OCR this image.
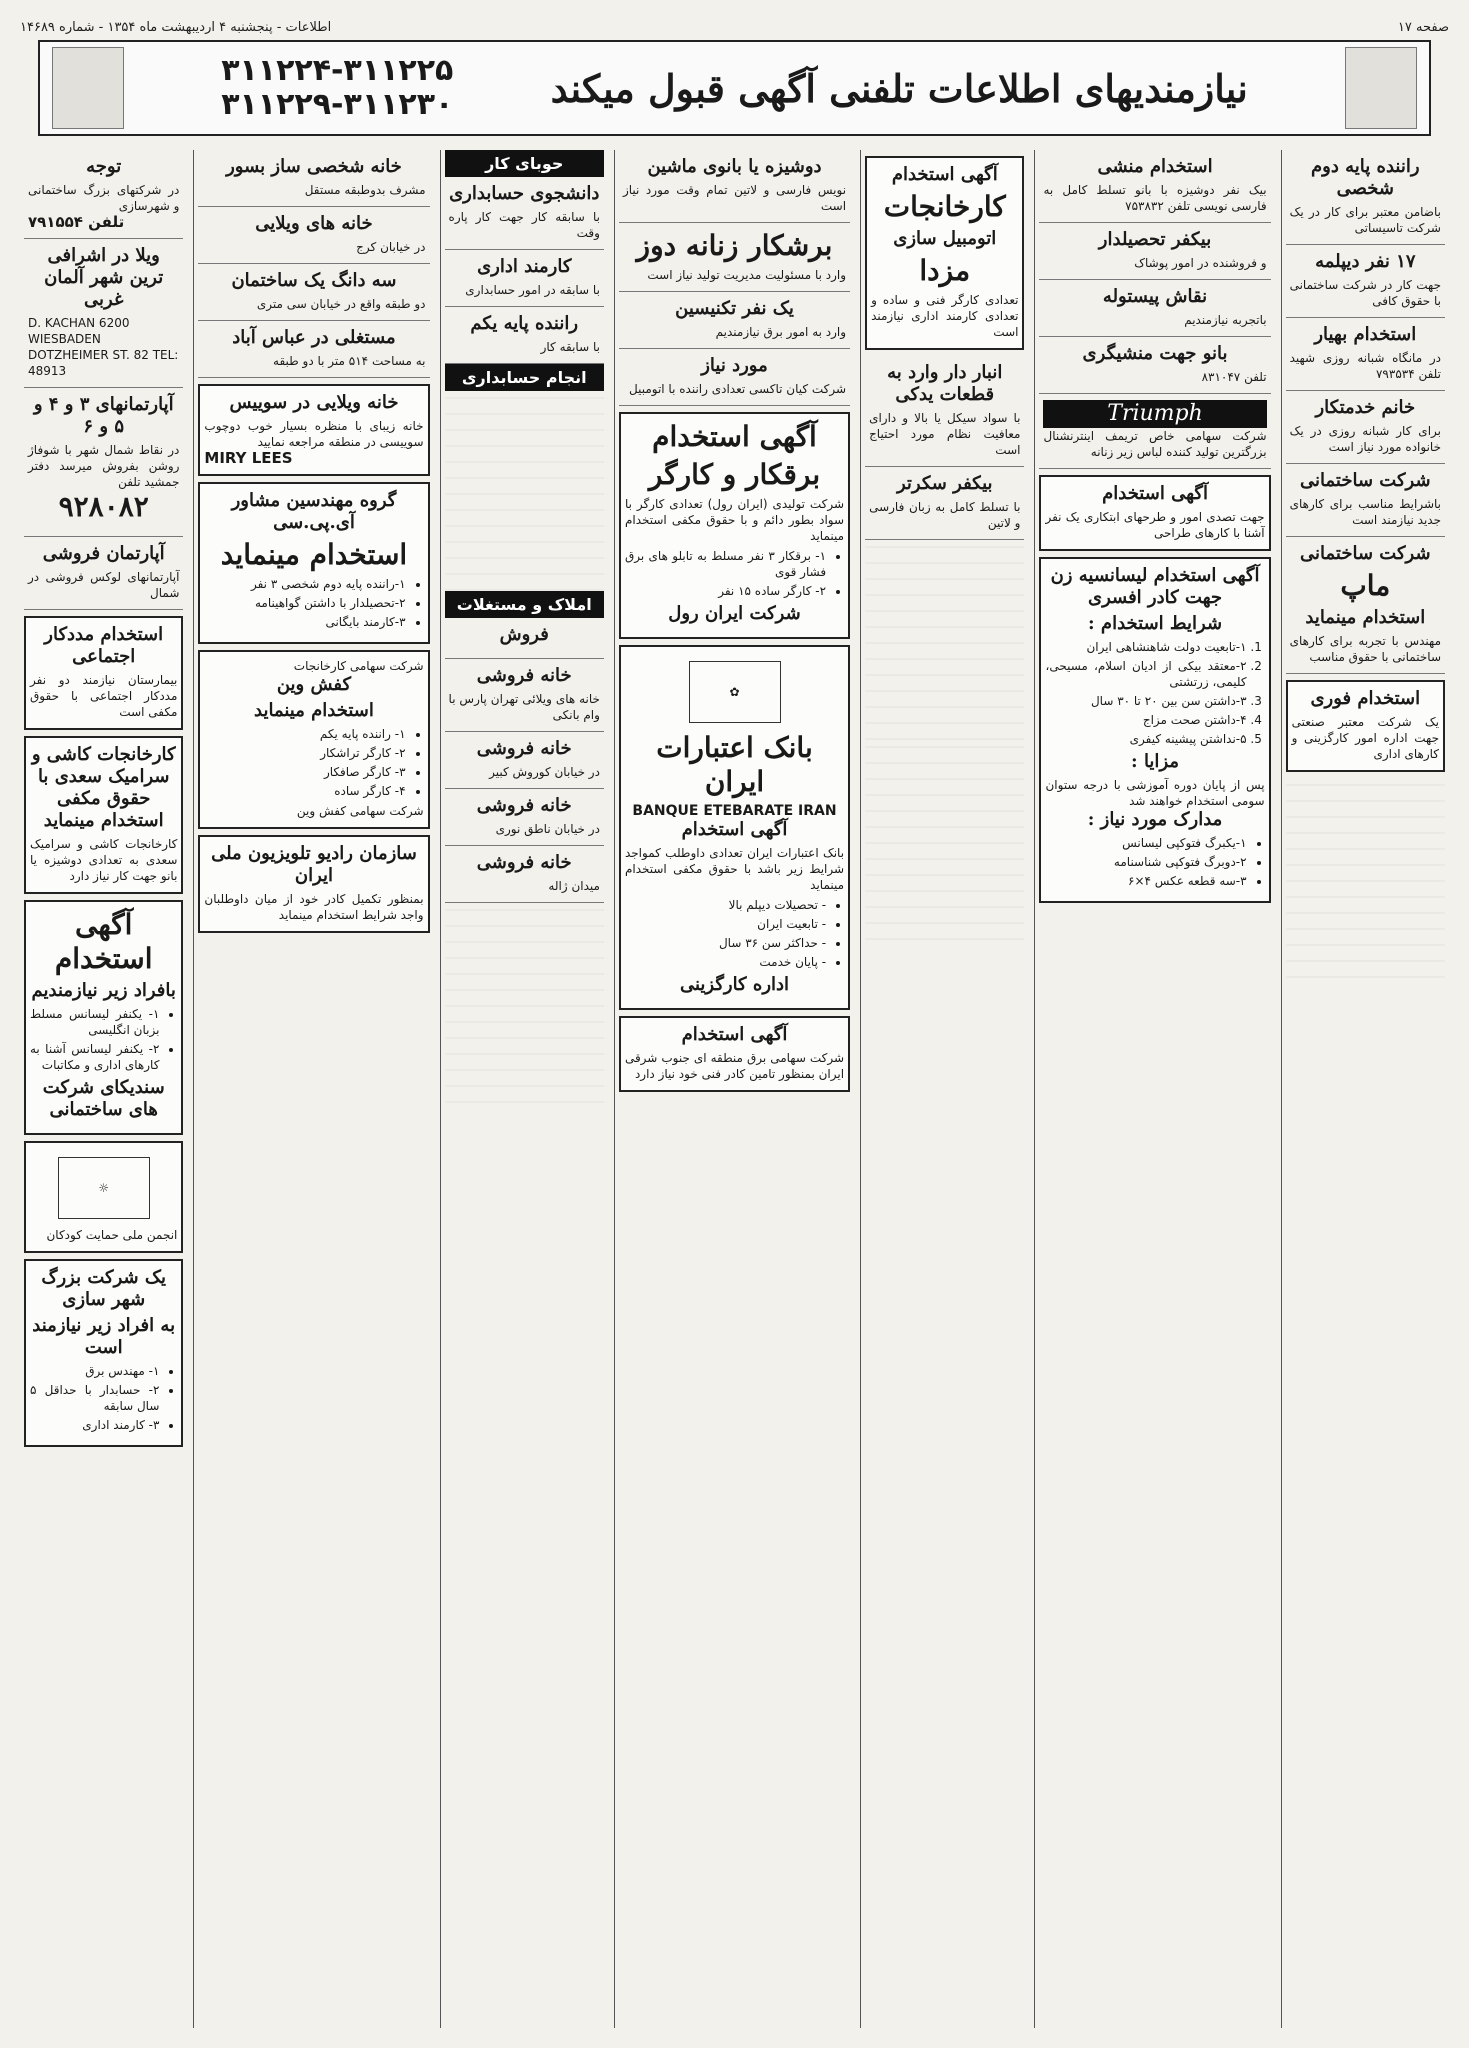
صفحه ۱۷
اطلاعات - پنجشنبه ۴ اردیبهشت ماه ۱۳۵۴ - شماره ۱۴۶۸۹
نیازمندیهای اطلاعات تلفنی آگهی قبول میکند
۳۱۱۲۲۴-۳۱۱۲۲۵
۳۱۱۲۲۹-۳۱۱۲۳۰
راننده پایه دوم شخصی
باضامن معتبر برای کار در یک شرکت تاسیساتی
۱۷ نفر دیپلمه
جهت کار در شرکت ساختمانی با حقوق کافی
استخدام بهیار
در مانگاه شبانه روزی شهید تلفن ۷۹۳۵۳۴
خانم خدمتکار
برای کار شبانه روزی در یک خانواده مورد نیاز است
شرکت ساختمانی
باشرایط مناسب برای کارهای جدید نیازمند است
شرکت ساختمانی
ماپ
استخدام مینماید
مهندس با تجربه برای کارهای ساختمانی با حقوق مناسب
استخدام فوری
یک شرکت معتبر صنعتی جهت اداره امور کارگزینی و کارهای اداری
استخدام منشی
بیک نفر دوشیزه با بانو تسلط کامل به فارسی نویسی تلفن ۷۵۳۸۳۲
بیکفر تحصیلدار
و فروشنده در امور پوشاک
نقاش پیستوله
باتجربه نیازمندیم
بانو جهت منشیگری
تلفن ۸۳۱۰۴۷
Triumph
شرکت سهامی خاص تریمف اینترنشنال بزرگترین تولید کننده لباس زیر زنانه
آگهی استخدام
جهت تصدی امور و طرحهای ابتکاری یک نفر آشنا با کارهای طراحی
آگهی استخدام لیسانسیه زن جهت کادر افسری
شرایط استخدام :
1. ۱-تابعیت دولت شاهنشاهی ایران
2. ۲-معتقد بیکی از ادیان اسلام، مسیحی، کلیمی، زرتشتی
3. ۳-داشتن سن بین ۲۰ تا ۳۰ سال
4. ۴-داشتن صحت مزاج
5. ۵-نداشتن پیشینه کیفری
مزایا :
پس از پایان دوره آموزشی با درجه ستوان سومی استخدام خواهند شد
مدارک مورد نیاز :
• ۱-یکبرگ فتوکپی لیسانس
• ۲-دوبرگ فتوکپی شناسنامه
• ۳-سه قطعه عکس ۴×۶
آگهی استخدام
کارخانجات
اتومبیل سازی
مزدا
تعدادی کارگر فنی و ساده و تعدادی کارمند اداری نیازمند است
انبار دار وارد به قطعات یدکی
با سواد سیکل یا بالا و دارای معافیت نظام مورد احتیاج است
بیکفر سکرتر
با تسلط کامل به زبان فارسی و لاتین
دوشیزه یا بانوی ماشین
نویس فارسی و لاتین تمام وقت مورد نیاز است
برشکار زنانه دوز
وارد با مسئولیت مدیریت تولید نیاز است
یک نفر تکنیسین
وارد به امور برق نیازمندیم
مورد نیاز
شرکت کیان تاکسی تعدادی راننده با اتومبیل
آگهی استخدام
برقکار و کارگر
شرکت تولیدی (ایران رول) تعدادی کارگر با سواد بطور دائم و با حقوق مکفی استخدام مینماید
• ۱- برقکار ۳ نفر مسلط به تابلو های برق فشار قوی
• ۲- کارگر ساده ۱۵ نفر
شرکت ایران رول
✿
بانک اعتبارات ایران
BANQUE ETEBARATE IRAN
آگهی استخدام
بانک اعتبارات ایران تعدادی داوطلب کمواجد شرایط زیر باشد با حقوق مکفی استخدام مینماید
• - تحصیلات دیپلم بالا
• - تابعیت ایران
• - حداکثر سن ۳۶ سال
• - پایان خدمت
اداره کارگزینی
آگهی استخدام
شرکت سهامی برق منطقه ای جنوب شرقی ایران بمنظور تامین کادر فنی خود نیاز دارد
حوبای کار
دانشجوی حسابداری
با سابقه کار جهت کار پاره وقت
کارمند اداری
با سابقه در امور حسابداری
راننده پایه یکم
با سابقه کار
انجام حسابداری
املاک و مستغلات
فروش
خانه فروشی
خانه های ویلائی تهران پارس با وام بانکی
خانه فروشی
در خیابان کوروش کبیر
خانه فروشی
در خیابان ناطق نوری
خانه فروشی
میدان ژاله
خانه شخصی ساز بسور
مشرف بدوطبقه مستقل
خانه های ویلایی
در خیابان کرج
سه دانگ یک ساختمان
دو طبقه واقع در خیابان سی متری
مستغلی در عباس آباد
به مساحت ۵۱۴ متر با دو طبقه
خانه ویلایی در سوییس
خانه زیبای با منظره بسیار خوب دوچوب سوییسی در منطقه مراجعه نمایید
MIRY LEES
گروه مهندسین مشاور آی.پی.سی
استخدام مینماید
• ۱-راننده پایه دوم شخصی ۳ نفر
• ۲-تحصیلدار با داشتن گواهینامه
• ۳-کارمند بایگانی
شرکت سهامی کارخانجات
کفش وین
استخدام مینماید
• ۱- راننده پایه یکم
• ۲- کارگر تراشکار
• ۳- کارگر صافکار
• ۴- کارگر ساده
شرکت سهامی کفش وین
سازمان رادیو تلویزیون ملی ایران
بمنظور تکمیل کادر خود از میان داوطلبان واجد شرایط استخدام مینماید
توجه
در شرکتهای بزرگ ساختمانی و شهرسازی
تلفن ۷۹۱۵۵۴
ویلا در اشرافی ترین شهر آلمان غربی
D. KACHAN 6200 WIESBADEN DOTZHEIMER ST. 82 TEL: 48913
آپارتمانهای ۳ و ۴ و ۵ و ۶
در نقاط شمال شهر با شوفاژ روشن بفروش میرسد دفتر جمشید تلفن
۹۲۸۰۸۲
آپارتمان فروشی
آپارتمانهای لوکس فروشی در شمال
استخدام مددکار اجتماعی
بیمارستان نیازمند دو نفر مددکار اجتماعی با حقوق مکفی است
کارخانجات کاشی و سرامیک سعدی با حقوق مکفی استخدام مینماید
کارخانجات کاشی و سرامیک سعدی به تعدادی دوشیزه یا بانو جهت کار نیاز دارد
آگهی استخدام
بافراد زیر نیازمندیم
• ۱- یکنفر لیسانس مسلط بزبان انگلیسی
• ۲- یکنفر لیسانس آشنا به کارهای اداری و مکاتبات
سندیکای شرکت های ساختمانی
☼
انجمن ملی حمایت کودکان
یک شرکت بزرگ شهر سازی
به افراد زیر نیازمند است
• ۱- مهندس برق
• ۲- حسابدار با حداقل ۵ سال سابقه
• ۳- کارمند اداری
